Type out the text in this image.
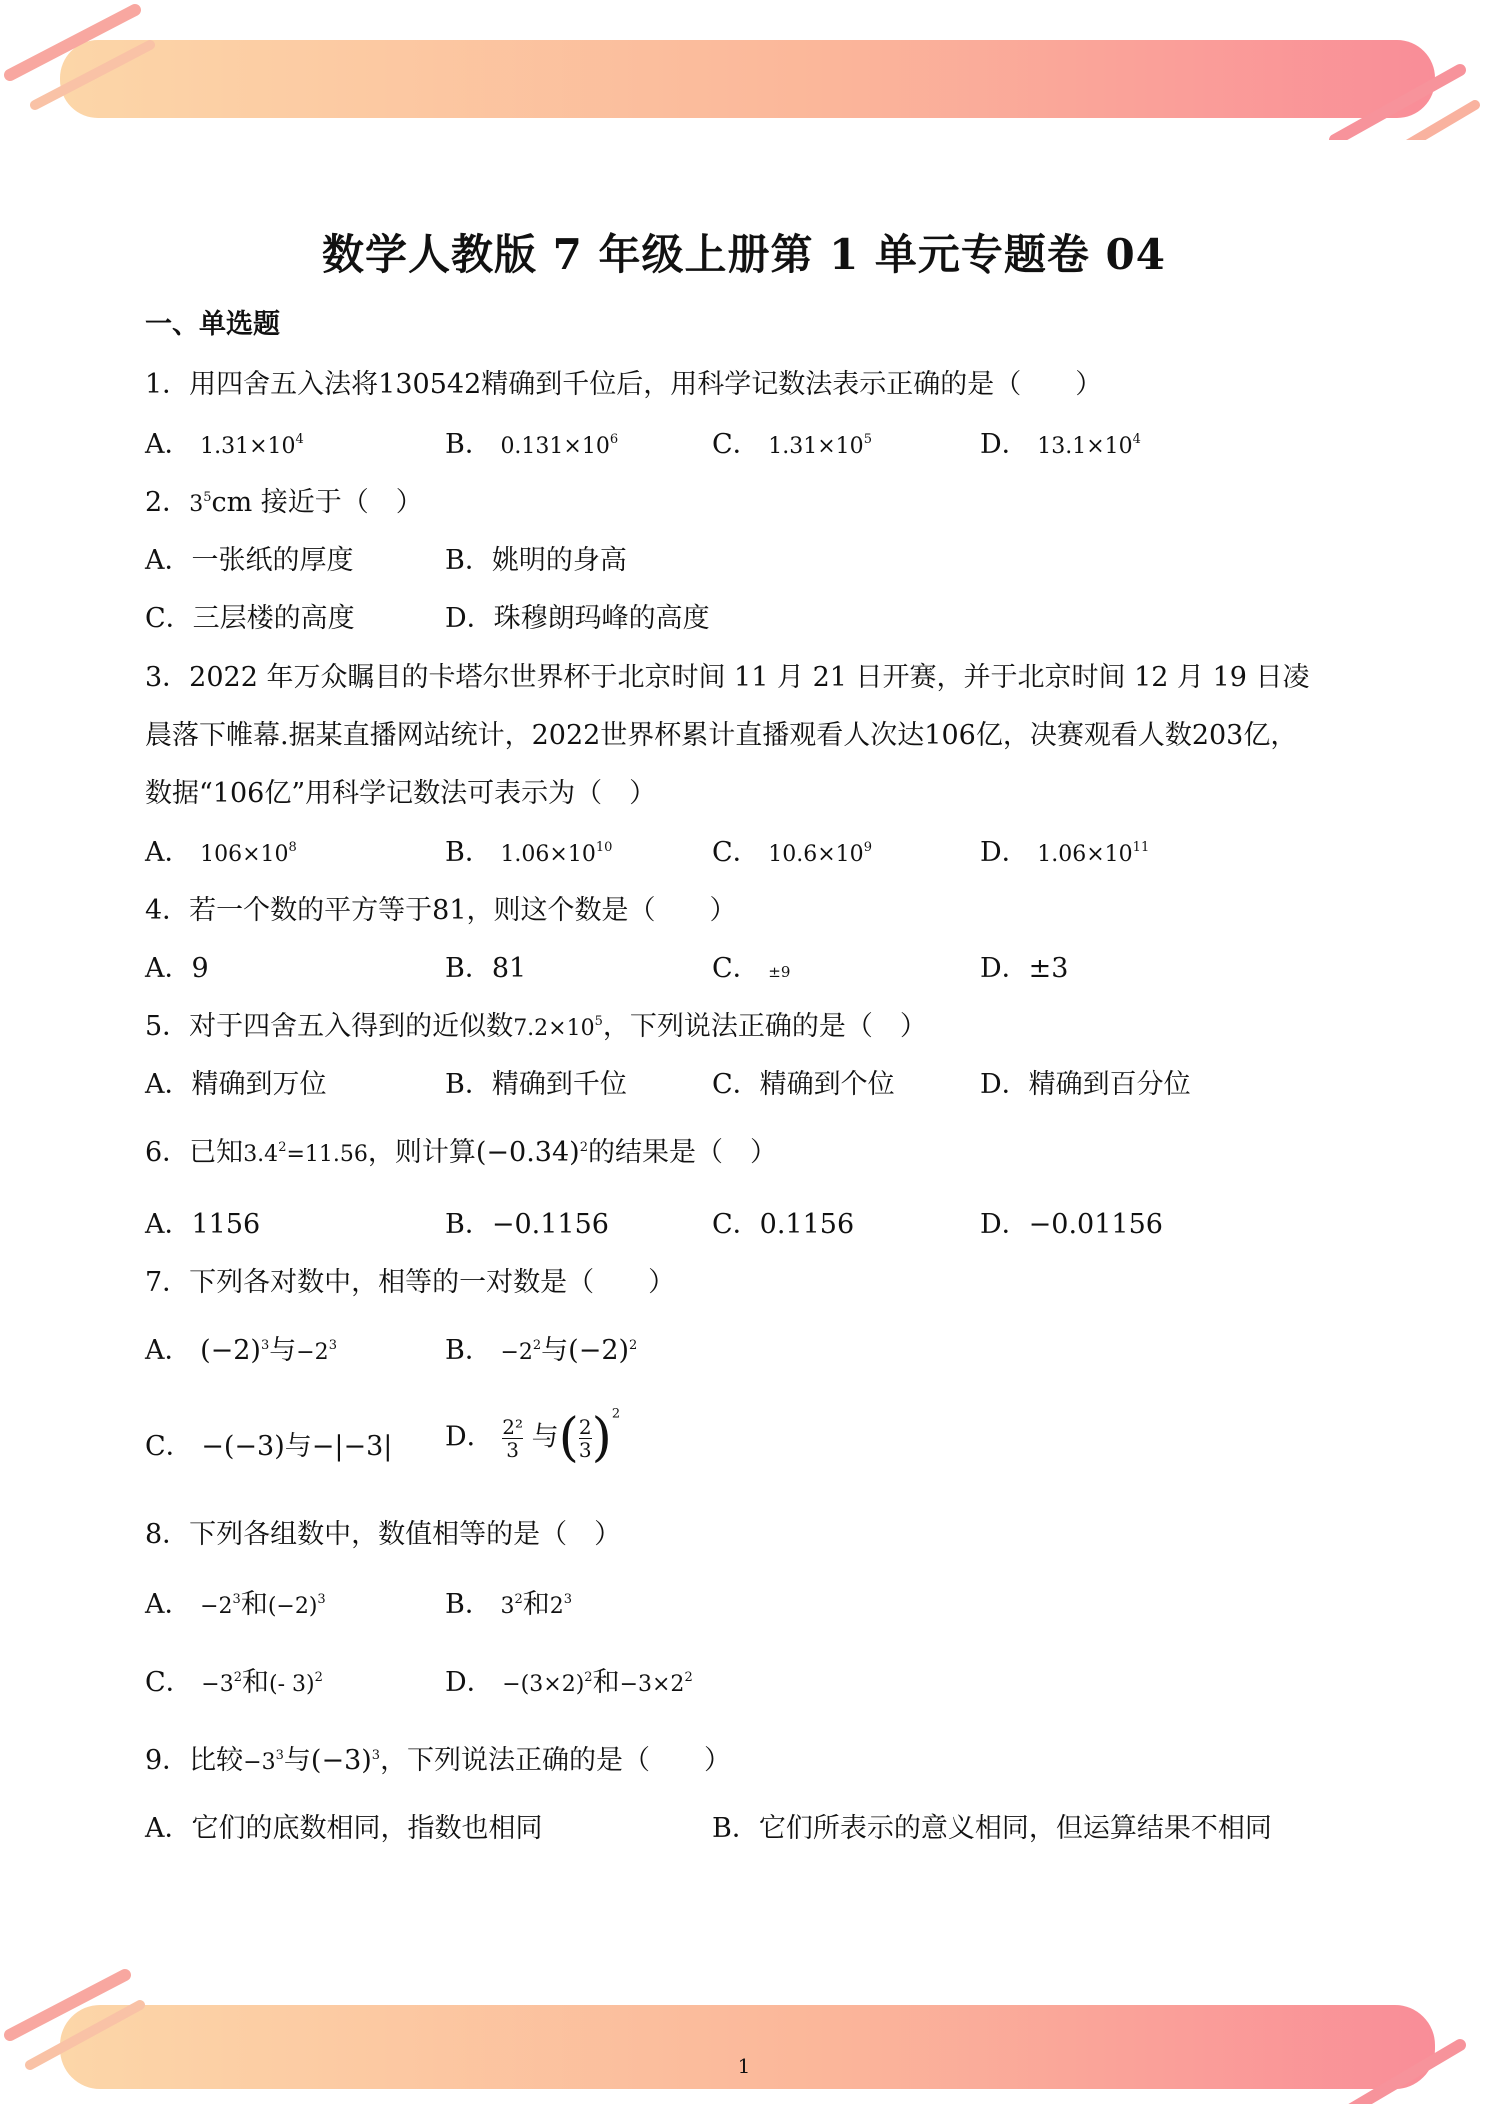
数学人教版 7 年级上册第 1 单元专题卷 04
一、单选题
1．用四舍五入法将130542精确到千位后，用科学记数法表示正确的是（　　）
A． $1.31\times 10^4$	B． $0.131\times 10^6$	C． $1.31\times 10^5$	D． $13.1\times 10^4$
2．$3^5cm$ 接近于（　）
A．一张纸的厚度	B．姚明的身高
C．三层楼的高度	D．珠穆朗玛峰的高度
3．2022 年万众瞩目的卡塔尔世界杯于北京时间 11 月 21 日开赛，并于北京时间 12 月 19 日凌
晨落下帷幕.据某直播网站统计，2022世界杯累计直播观看人次达106亿，决赛观看人数203亿，
数据“106亿”用科学记数法可表示为（　）
A． $106\times 10^8$	B． $1.06\times 10^{10}$	C． $10.6\times 10^9$	D． $1.06\times 10^{11}$
4．若一个数的平方等于81，则这个数是（　　）
A．9	B．81	C． ±9	D．±3
5．对于四舍五入得到的近似数$7.2\times 10^5$，下列说法正确的是（　）
A．精确到万位	B．精确到千位	C．精确到个位	D．精确到百分位
6．已知$3.4^2=11.56$，则计算$(-0.34)^2$的结果是（　）
A．1156	B．−0.1156	C．0.1156	D．−0.01156
7．下列各对数中，相等的一对数是（　　）
A． $(-2)^3$与$-2^3$	B． $-2^2$与$(-2)^2$
C． −(−3)与−|−3| D． $\frac{\text{2²}}{3}$ 与( $\frac{2}{3} )^2$
8．下列各组数中，数值相等的是（　）
A． $-2^3$和$(-2)^3$	B． $3^2$和$2^3$
C． $-3^2$和(- 3)$^2$	D． $-(3\times 2)^2$和$-3\times 2^2$
9．比较$-3^3$与$(-3)^3$，下列说法正确的是（　　）
A．它们的底数相同，指数也相同	B．它们所表示的意义相同，但运算结果不相同
1
